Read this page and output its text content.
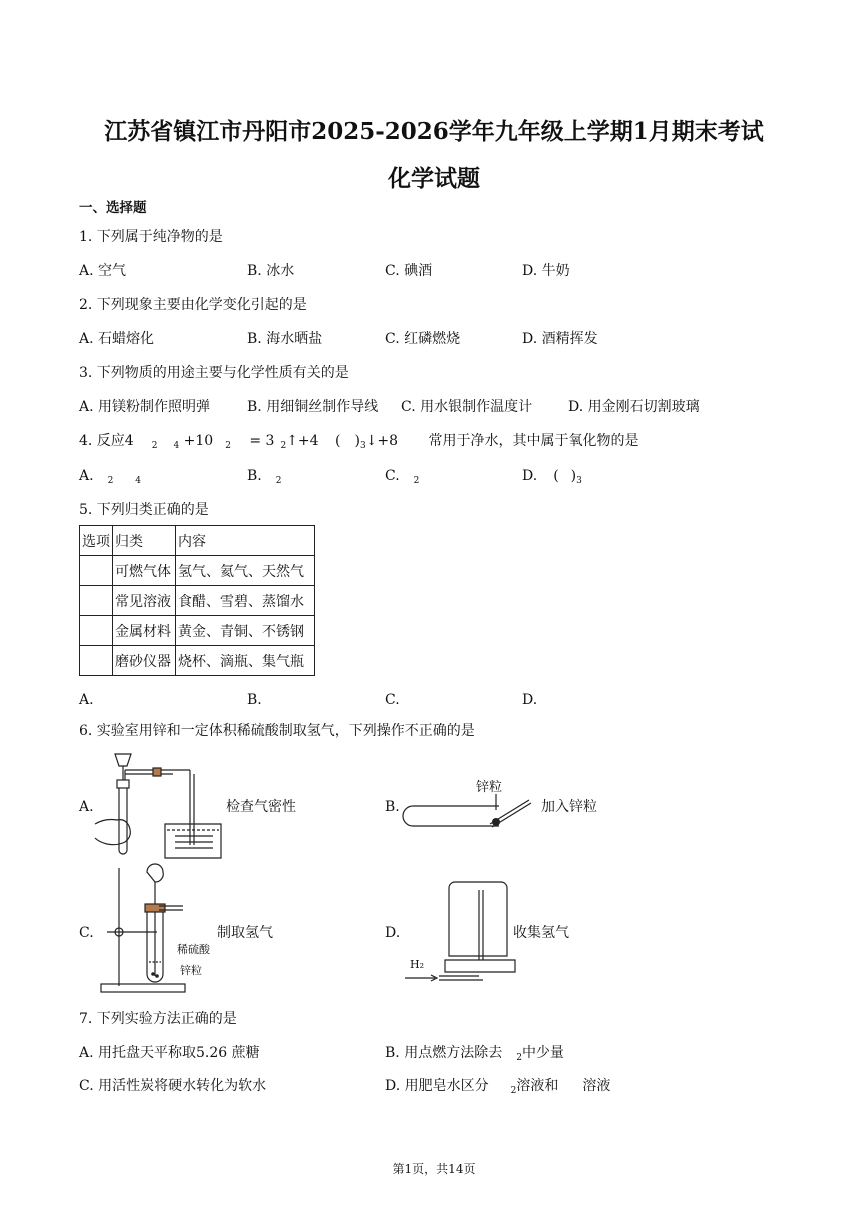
江苏省镇江市丹阳市2025-2026学年九年级上学期1月期末考试
化学试题
一、选择题
1. 下列属于纯净物的是
A. 空气	B. 冰水	C. 碘酒	D. 牛奶
2. 下列现象主要由化学变化引起的是
A. 石蜡熔化	B. 海水晒盐	C. 红磷燃烧	D. 酒精挥发
3. 下列物质的用途主要与化学性质有关的是
A. 用镁粉制作照明弹	B. 用细铜丝制作导线 C. 用水银制作温度计	D. 用金刚石切割玻璃
4. 反应4 $_2$ $_4$ +10 $_2$ = 3 $_2$↑+4 ( )$_3↓+8$ 常用于净水，其中属于氧化物的是
A. $_2$ $_4$	B. $_2$	C. $_2$	D. ( )$_3$
5. 下列归类正确的是
选项	归类	内容
	可燃气体	氢气、氦气、天然气
	常见溶液	食醋、雪碧、蒸馏水
	金属材料	黄金、青铜、不锈钢
	磨砂仪器	烧杯、滴瓶、集气瓶
A.	B.	C.	D.
6. 实验室用锌和一定体积稀硫酸制取氢气，下列操作不正确的是
A.	检查气密性	B.
锌粒
加入锌粒
C.	制取氢气
稀硫酸
锌粒
D.	收集氢气
H₂
7. 下列实验方法正确的是
A. 用托盘天平称取5.26 蔗糖	B. 用点燃方法除去 $_2$中少量
C. 用活性炭将硬水转化为软水	D. 用肥皂水区分 $_2$溶液和 溶液
第1页，共14页
